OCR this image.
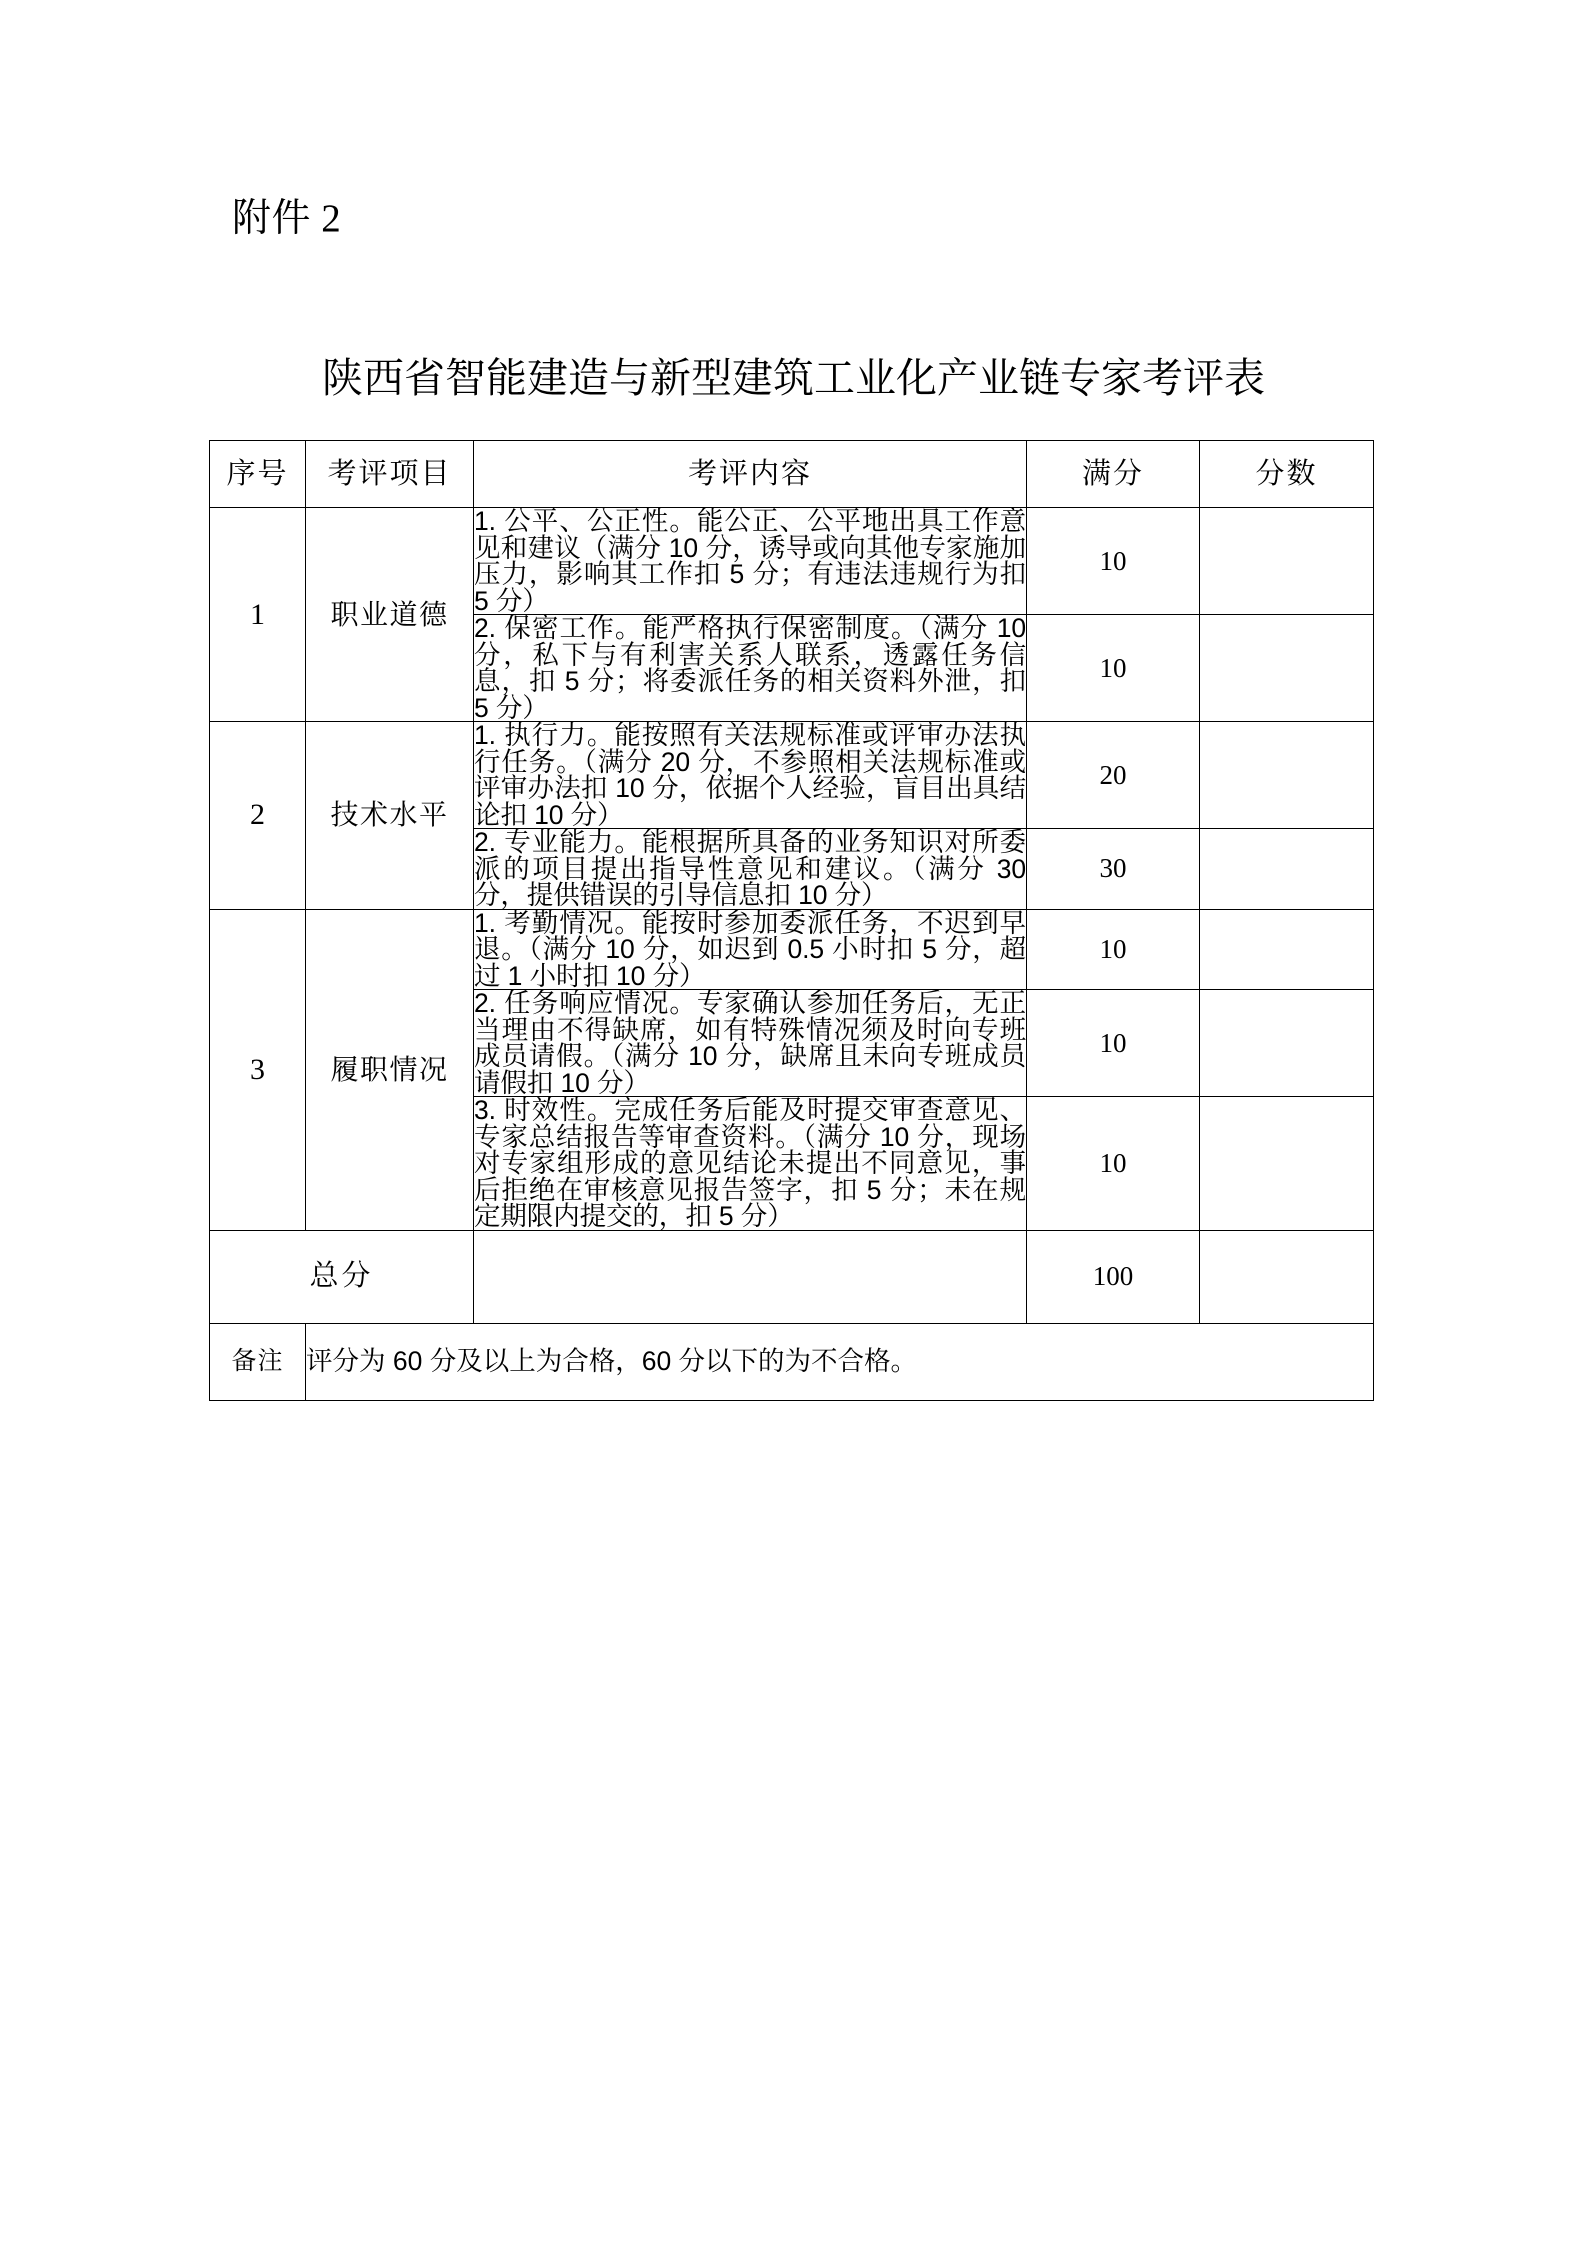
附件 2
陕西省智能建造与新型建筑工业化产业链专家考评表
序号	考评项目	考评内容	满分	分数
1	职业道德	1. 公平、公正性。能公正、公平地出具工作意见和建议（满分 10 分，诱导或向其他专家施加压力，影响其工作扣 5 分；有违法违规行为扣 5 分）	10	
		2. 保密工作。能严格执行保密制度。（满分 10 分，私下与有利害关系人联系，透露任务信息，扣 5 分；将委派任务的相关资料外泄，扣 5 分）	10	
2	技术水平	1. 执行力。能按照有关法规标准或评审办法执行任务。（满分 20 分，不参照相关法规标准或评审办法扣 10 分，依据个人经验，盲目出具结论扣 10 分）	20	
		2. 专业能力。能根据所具备的业务知识对所委派的项目提出指导性意见和建议。（满分 30 分，提供错误的引导信息扣 10 分）	30	
3	履职情况	1. 考勤情况。能按时参加委派任务，不迟到早退。（满分 10 分，如迟到 0.5 小时扣 5 分，超过 1 小时扣 10 分）	10	
		2. 任务响应情况。专家确认参加任务后，无正当理由不得缺席，如有特殊情况须及时向专班成员请假。（满分 10 分，缺席且未向专班成员请假扣 10 分）	10	
		3. 时效性。完成任务后能及时提交审查意见、专家总结报告等审查资料。（满分 10 分，现场对专家组形成的意见结论未提出不同意见，事后拒绝在审核意见报告签字，扣 5 分；未在规定期限内提交的，扣 5 分）	10	
总分			100	
备注	评分为 60 分及以上为合格，60 分以下的为不合格。			
